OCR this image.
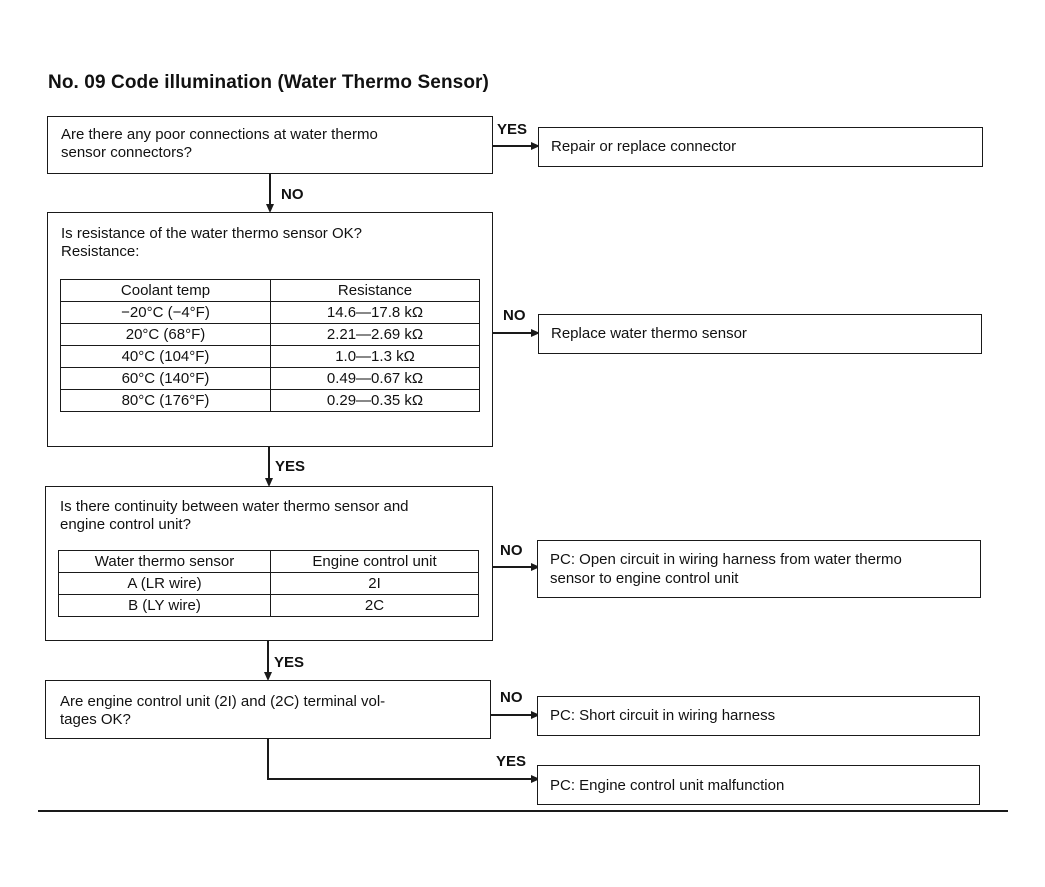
No. 09 Code illumination (Water Thermo Sensor)
Are there any poor connections at water thermo
sensor connectors?
YES
Repair or replace connector
NO
Is resistance of the water thermo sensor OK?
Resistance:
Coolant temp	Resistance
−20°C (−4°F)	14.6—17.8 kΩ
20°C (68°F)	2.21—2.69 kΩ
40°C (104°F)	1.0—1.3 kΩ
60°C (140°F)	0.49—0.67 kΩ
80°C (176°F)	0.29—0.35 kΩ
NO
Replace water thermo sensor
YES
Is there continuity between water thermo sensor and
engine control unit?
Water thermo sensor	Engine control unit
A (LR wire)	2I
B (LY wire)	2C
NO
PC: Open circuit in wiring harness from water thermo
sensor to engine control unit
YES
Are engine control unit (2I) and (2C) terminal vol-
tages OK?
NO
PC: Short circuit in wiring harness
YES
PC: Engine control unit malfunction
